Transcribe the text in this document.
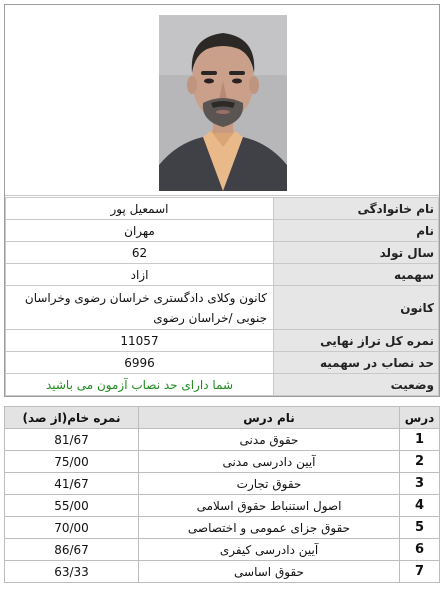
نام خانوادگی	اسمعیل پور
نام	مهران
سال تولد	62
سهمیه	ازاد
کانون	کانون وکلای دادگستری خراسان رضوی وخراسان جنوبی /خراسان رضوی
نمره کل تراز نهایی	11057
حد نصاب در سهمیه	6996
وضعیت	شما دارای حد نصاب آزمون می باشید
درس	نام درس	نمره خام(از صد)
1	حقوق مدنی	81/67
2	آیین دادرسی مدنی	75/00
3	حقوق تجارت	41/67
4	اصول استنباط حقوق اسلامی	55/00
5	حقوق جزای عمومی و اختصاصی	70/00
6	آیین دادرسی کیفری	86/67
7	حقوق اساسی	63/33
